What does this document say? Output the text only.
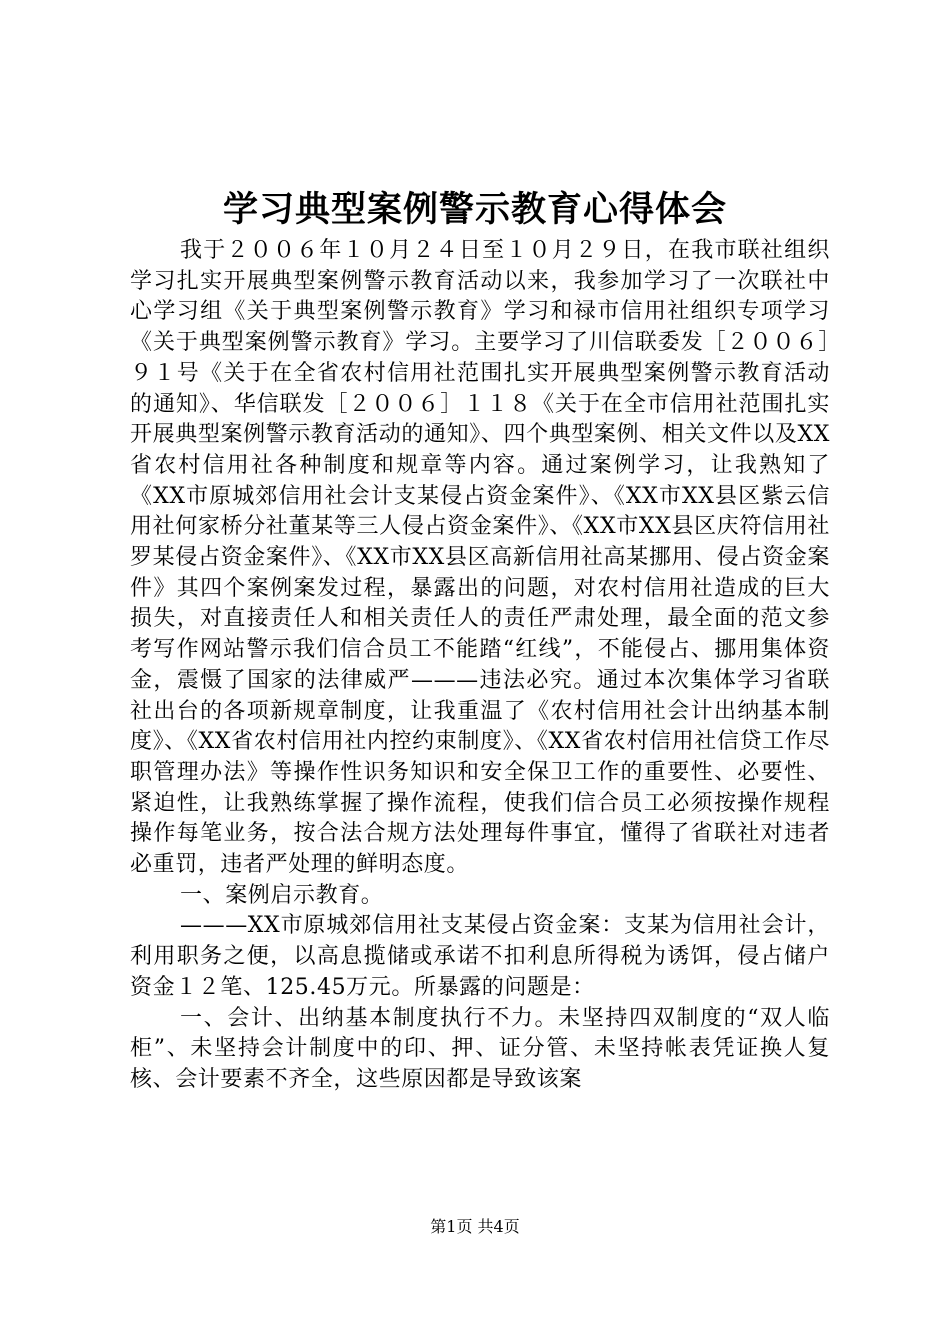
学习典型案例警示教育心得体会

我于２００６年１０月２４日至１０月２９日，在我市联社组织学习扎实开展典型案例警示教育活动以来，我参加学习了一次联社中心学习组《关于典型案例警示教育》学习和禄市信用社组织专项学习《关于典型案例警示教育》学习。主要学习了川信联委发［２００６］９１号《关于在全省农村信用社范围扎实开展典型案例警示教育活动的通知》、华信联发［２００６］１１８《关于在全市信用社范围扎实开展典型案例警示教育活动的通知》、四个典型案例、相关文件以及XX省农村信用社各种制度和规章等内容。通过案例学习，让我熟知了《XX市原城郊信用社会计支某侵占资金案件》、《XX市XX县区紫云信用社何家桥分社董某等三人侵占资金案件》、《XX市XX县区庆符信用社罗某侵占资金案件》、《XX市XX县区高新信用社高某挪用、侵占资金案件》其四个案例案发过程，暴露出的问题，对农村信用社造成的巨大损失，对直接责任人和相关责任人的责任严肃处理，最全面的范文参考写作网站警示我们信合员工不能踏“红线”，不能侵占、挪用集体资金，震慑了国家的法律威严———违法必究。通过本次集体学习省联社出台的各项新规章制度，让我重温了《农村信用社会计出纳基本制度》、《XX省农村信用社内控约束制度》、《XX省农村信用社信贷工作尽职管理办法》等操作性识务知识和安全保卫工作的重要性、必要性、紧迫性，让我熟练掌握了操作流程，使我们信合员工必须按操作规程操作每笔业务，按合法合规方法处理每件事宜，懂得了省联社对违者必重罚，违者严处理的鲜明态度。

一、案例启示教育。

———XX市原城郊信用社支某侵占资金案：支某为信用社会计，利用职务之便，以高息揽储或承诺不扣利息所得税为诱饵，侵占储户资金１２笔、125.45万元。所暴露的问题是：

一、会计、出纳基本制度执行不力。未坚持四双制度的“双人临柜”、未坚持会计制度中的印、押、证分管、未坚持帐表凭证换人复核、会计要素不齐全，这些原因都是导致该案

第1页 共4页
